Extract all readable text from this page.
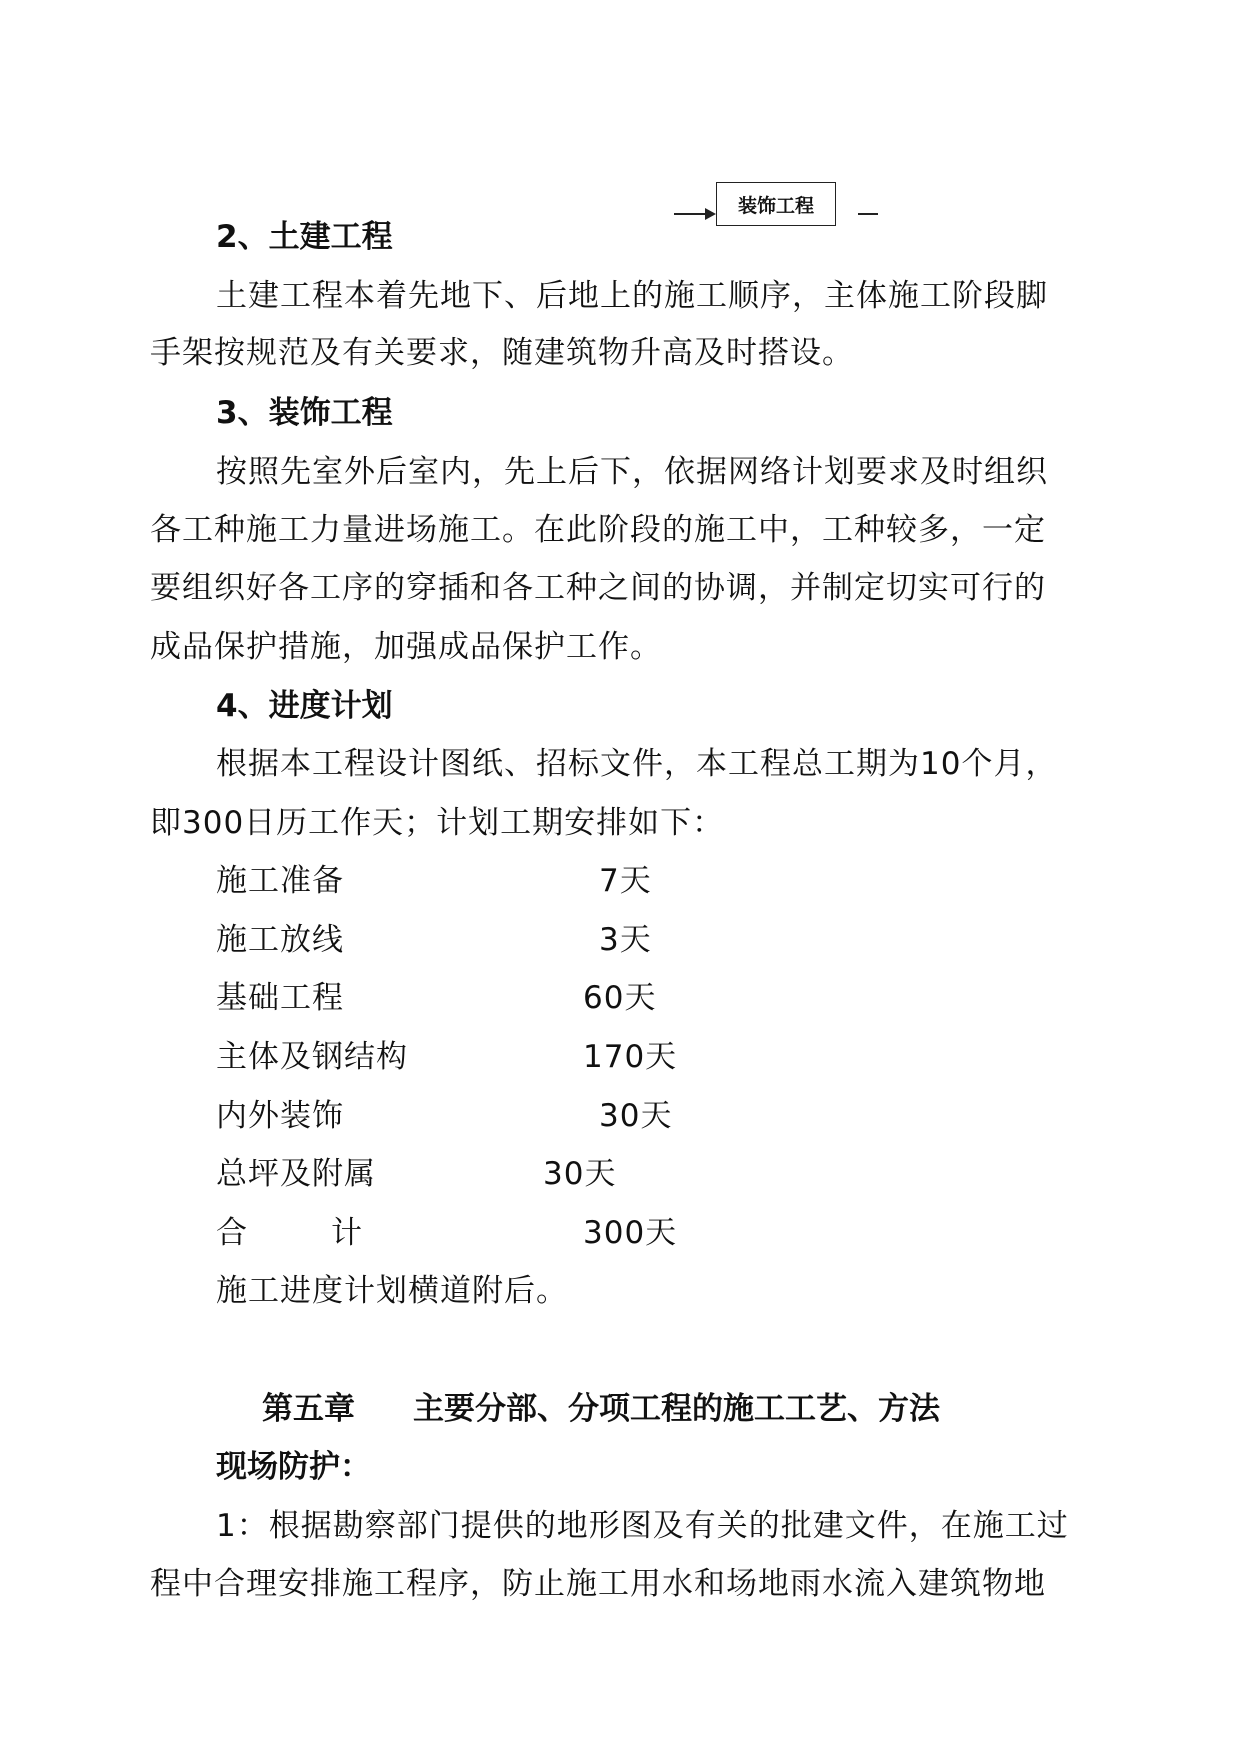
装饰工程
2、土建工程
土建工程本着先地下、后地上的施工顺序，主体施工阶段脚
手架按规范及有关要求，随建筑物升高及时搭设。
3、装饰工程
按照先室外后室内，先上后下，依据网络计划要求及时组织
各工种施工力量进场施工。在此阶段的施工中，工种较多，一定
要组织好各工序的穿插和各工种之间的协调，并制定切实可行的
成品保护措施，加强成品保护工作。
4、进度计划
根据本工程设计图纸、招标文件，本工程总工期为10个月，
即300日历工作天；计划工期安排如下：
施工准备	7天
施工放线	3天
基础工程	60天
主体及钢结构	170天
内外装饰	30天
总坪及附属	30天
合	计	300天
施工进度计划横道附后。
第五章 主要分部、分项工程的施工工艺、方法
现场防护：
1：根据勘察部门提供的地形图及有关的批建文件，在施工过
程中合理安排施工程序，防止施工用水和场地雨水流入建筑物地
